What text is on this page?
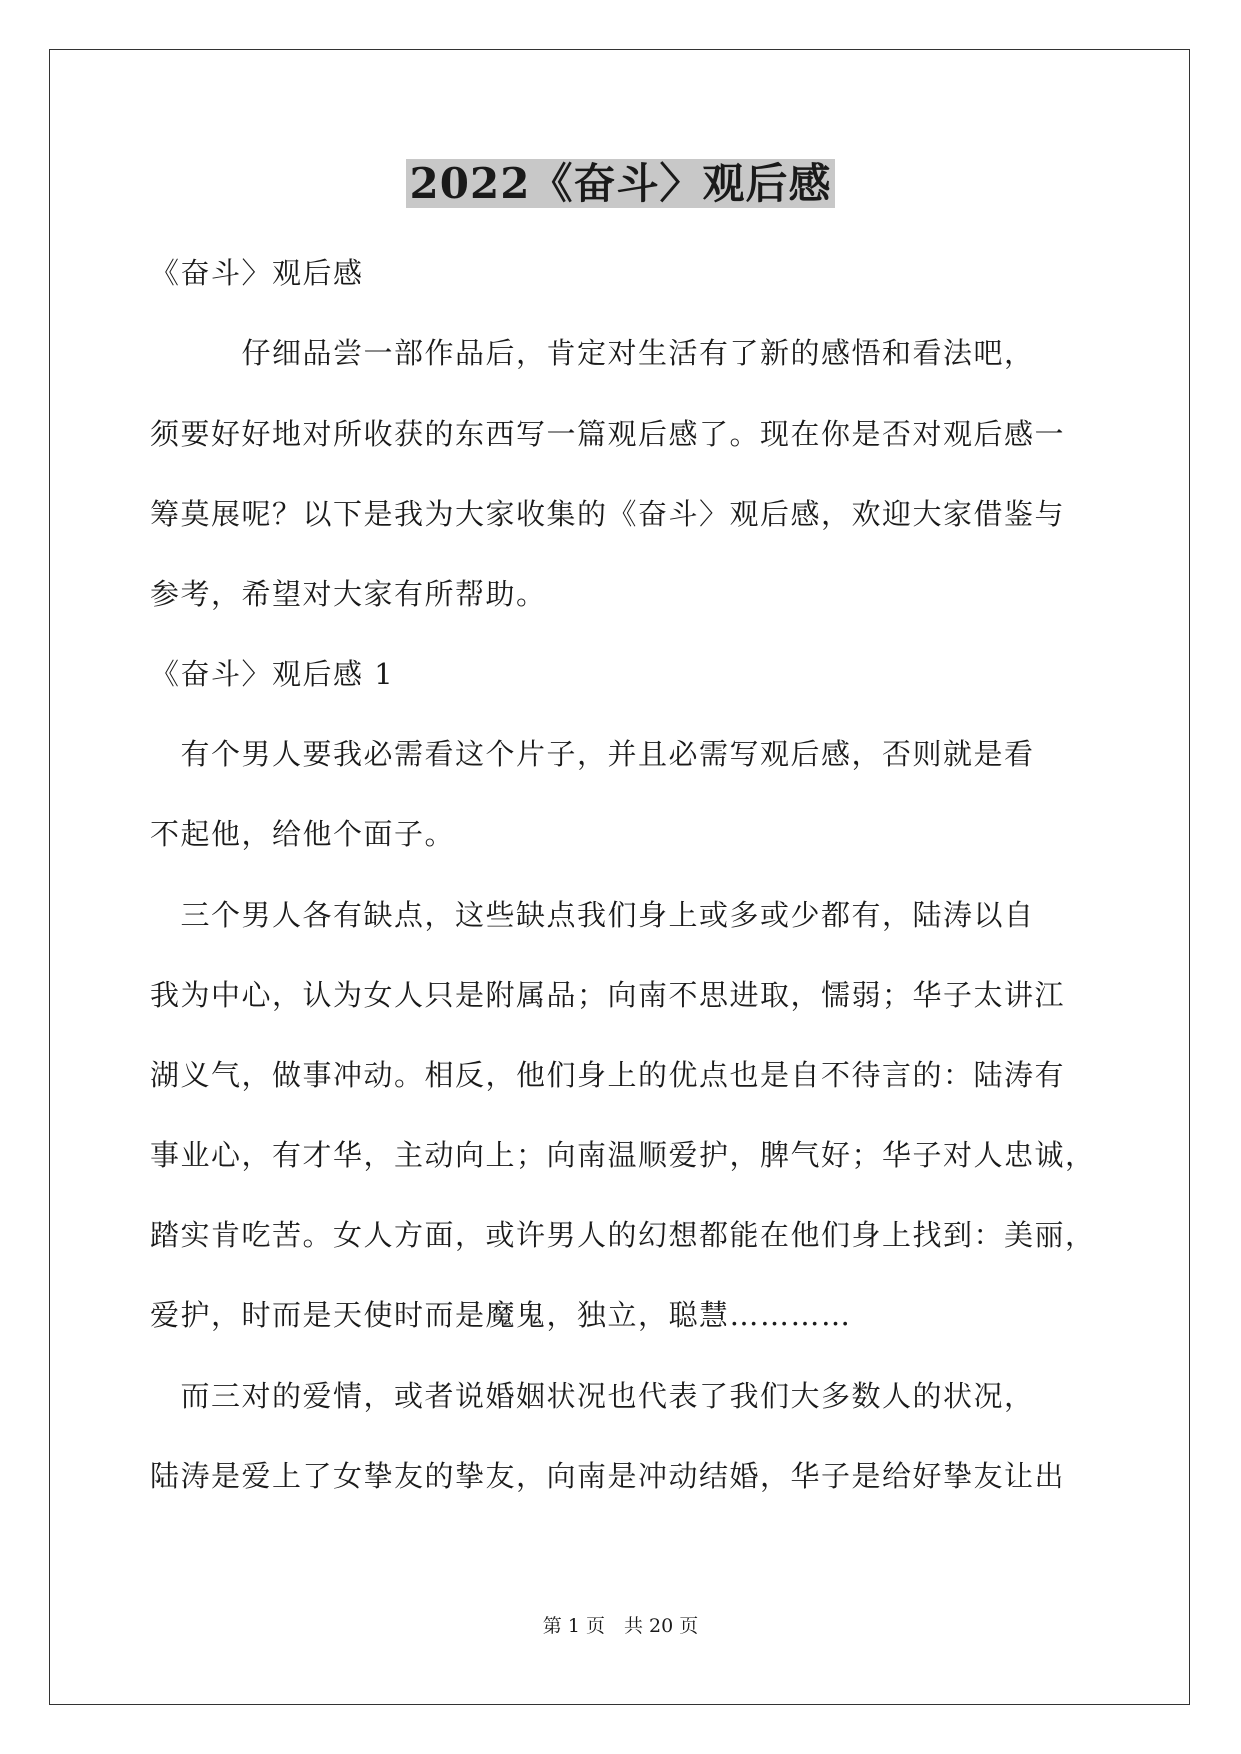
2022《奋斗〉观后感
《奋斗〉观后感
　　　仔细品尝一部作品后，肯定对生活有了新的感悟和看法吧，
须要好好地对所收获的东西写一篇观后感了。现在你是否对观后感一
筹莫展呢？以下是我为大家收集的《奋斗〉观后感，欢迎大家借鉴与
参考，希望对大家有所帮助。
《奋斗〉观后感 1
　有个男人要我必需看这个片子，并且必需写观后感，否则就是看
不起他，给他个面子。
　三个男人各有缺点，这些缺点我们身上或多或少都有，陆涛以自
我为中心，认为女人只是附属品；向南不思进取，懦弱；华子太讲江
湖义气，做事冲动。相反，他们身上的优点也是自不待言的：陆涛有
事业心，有才华，主动向上；向南温顺爱护，脾气好；华子对人忠诚，
踏实肯吃苦。女人方面，或许男人的幻想都能在他们身上找到：美丽，
爱护，时而是天使时而是魔鬼，独立，聪慧…………
　而三对的爱情，或者说婚姻状况也代表了我们大多数人的状况，
陆涛是爱上了女挚友的挚友，向南是冲动结婚，华子是给好挚友让出
第 1 页　共 20 页
